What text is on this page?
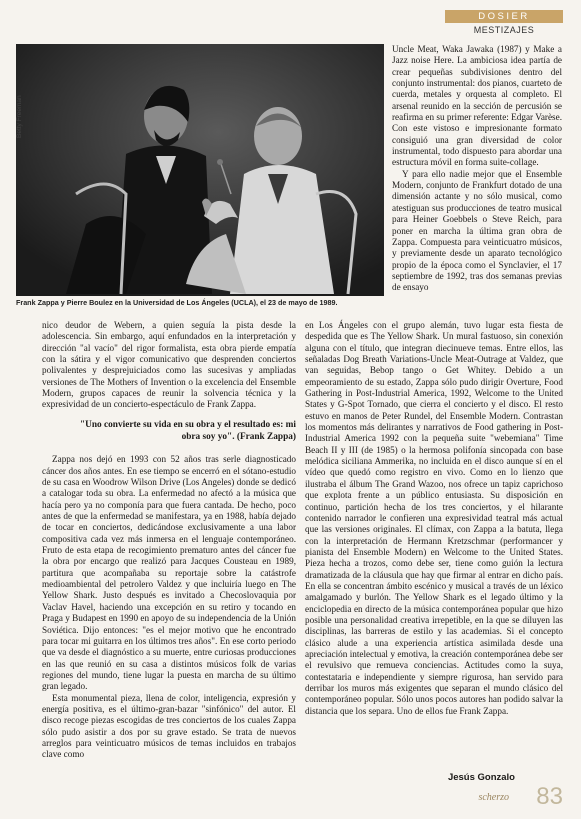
DOSIER
MESTIZAJES
Betty Freeman
Frank Zappa y Pierre Boulez en la Universidad de Los Ángeles (UCLA), el 23 de mayo de 1989.

Uncle Meat, Waka Jawaka (1987) y Make a Jazz noise Here. La ambiciosa idea partía de crear pequeñas subdivisiones dentro del conjunto instrumental: dos pianos, cuarteto de cuerda, metales y orquesta al completo. El arsenal reunido en la sección de percusión se reafirma en su primer referente: Edgar Varèse. Con este vistoso e impresionante formato consiguió una gran diversidad de color instrumental, todo dispuesto para abordar una estructura móvil en forma suite-collage.

Y para ello nadie mejor que el Ensemble Modern, conjunto de Frankfurt dotado de una dimensión actante y no sólo musical, como atestiguan sus producciones de teatro musical para Heiner Goebbels o Steve Reich, para poner en marcha la última gran obra de Zappa. Compuesta para veinticuatro músicos, y previamente desde un aparato tecnológico propio de la época como el Synclavier, el 17 septiembre de 1992, tras dos semanas previas de ensayo

nico deudor de Webern, a quien seguía la pista desde la adolescencia. Sin embargo, aquí enfundados en la interpretación y dirección "al vacío" del rigor formalista, esta obra pierde empatía con la sátira y el vigor comunicativo que desprenden conciertos polivalentes y desprejuiciados como las sucesivas y ampliadas versiones de The Mothers of Invention o la excelencia del Ensemble Modern, grupos capaces de reunir la solvencia técnica y la expresividad de un concierto-espectáculo de Frank Zappa.

"Uno convierte su vida en su obra y el resultado es: mi obra soy yo". (Frank Zappa)

Zappa nos dejó en 1993 con 52 años tras serle diagnosticado cáncer dos años antes. En ese tiempo se encerró en el sótano-estudio de su casa en Woodrow Wilson Drive (Los Angeles) donde se dedicó a catalogar toda su obra. La enfermedad no afectó a la música que hacía pero ya no componía para que fuera cantada. De hecho, poco antes de que la enfermedad se manifestara, ya en 1988, había dejado de tocar en conciertos, dedicándose exclusivamente a una labor compositiva cada vez más inmersa en el lenguaje contemporáneo. Fruto de esta etapa de recogimiento prematuro antes del cáncer fue la obra por encargo que realizó para Jacques Cousteau en 1989, partitura que acompañaba su reportaje sobre la catástrofe medioambiental del petrolero Valdez y que incluiría luego en The Yellow Shark. Justo después es invitado a Checoslovaquia por Vaclav Havel, haciendo una excepción en su retiro y tocando en Praga y Budapest en 1990 en apoyo de su independencia de la Unión Soviética. Dijo entonces: "es el mejor motivo que he encontrado para tocar mi guitarra en los últimos tres años". En ese corto periodo que va desde el diagnóstico a su muerte, entre curiosas producciones en las que reunió en su casa a distintos músicos folk de varias regiones del mundo, tiene lugar la puesta en marcha de su último gran legado.

Esta monumental pieza, llena de color, inteligencia, expresión y energía positiva, es el último-gran-bazar "sinfónico" del autor. El disco recoge piezas escogidas de tres conciertos de los cuales Zappa sólo pudo asistir a dos por su grave estado. Se trata de nuevos arreglos para veinticuatro músicos de temas incluidos en trabajos clave como

en Los Ángeles con el grupo alemán, tuvo lugar esta fiesta de despedida que es The Yellow Shark. Un mural fastuoso, sin conexión alguna con el título, que integran diecinueve temas. Entre ellos, las señaladas Dog Breath Variations-Uncle Meat-Outrage at Valdez, que van seguidas, Bebop tango o Get Whitey. Debido a un empeoramiento de su estado, Zappa sólo pudo dirigir Overture, Food Gathering in Post-Industrial America, 1992, Welcome to the United States y G-Spot Tornado, que cierra el concierto y el disco. El resto estuvo en manos de Peter Rundel, del Ensemble Modern. Contrastan los momentos más delirantes y narrativos de Food gathering in Post-Industrial America 1992 con la pequeña suite "webemiana" Time Beach II y III (de 1985) o la hermosa polifonía sincopada con base melódica siciliana Ammerika, no incluida en el disco aunque sí en el vídeo que quedó como registro en vivo. Como en lo lienzo que ilustraba el álbum The Grand Wazoo, nos ofrece un tapiz caprichoso que explota frente a un público entusiasta. Su disposición en continuo, partición hecha de los tres conciertos, y el hilarante contenido narrador le confieren una expresividad teatral más actual que las versiones originales. El clímax, con Zappa a la batuta, llega con la interpretación de Hermann Kretzschmar (performancer y pianista del Ensemble Modern) en Welcome to the United States. Pieza hecha a trozos, como debe ser, tiene como guión la lectura dramatizada de la cláusula que hay que firmar al entrar en dicho país. En ella se concentran ámbito escénico y musical a través de un léxico amalgamado y burlón. The Yellow Shark es el legado último y la enciclopedia en directo de la música contemporánea popular que hizo posible una personalidad creativa irrepetible, en la que se diluyen las disciplinas, las barreras de estilo y las academias. Si el concepto clásico alude a una experiencia artística asimilada desde una apreciación intelectual y emotiva, la creación contemporánea debe ser el revulsivo que remueva conciencias. Actitudes como la suya, contestataria e independiente y siempre rigurosa, han servido para derribar los muros más exigentes que separan el mundo clásico del contemporáneo popular. Sólo unos pocos autores han podido salvar la distancia que los separa. Uno de ellos fue Frank Zappa.

Jesús Gonzalo
scherzo 83
